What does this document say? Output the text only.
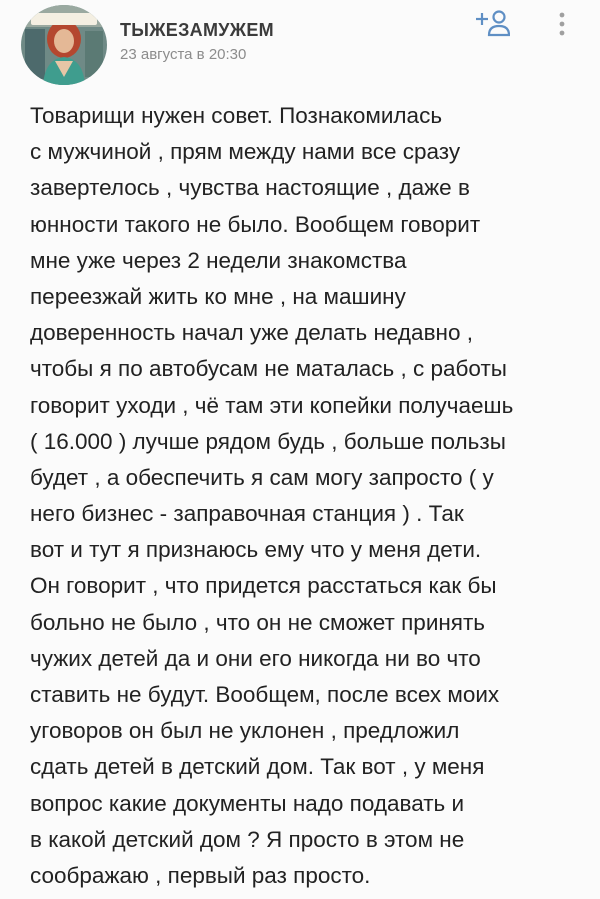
ТЫЖЕЗАМУЖЕМ
23 августа в 20:30
Товарищи нужен совет. Познакомилась
с мужчиной , прям между нами все сразу
завертелось , чувства настоящие , даже в
юнности такого не было. Вообщем говорит
мне уже через 2 недели знакомства
переезжай жить ко мне , на машину
доверенность начал уже делать недавно ,
чтобы я по автобусам не маталась , с работы
говорит уходи , чё там эти копейки получаешь
( 16.000 ) лучше рядом будь , больше пользы
будет , а обеспечить я сам могу запросто ( у
него бизнес - заправочная станция ) . Так
вот и тут я признаюсь ему что у меня дети.
Он говорит , что придется расстаться как бы
больно не было , что он не сможет принять
чужих детей да и они его никогда ни во что
ставить не будут. Вообщем, после всех моих
уговоров он был не уклонен , предложил
сдать детей в детский дом. Так вот , у меня
вопрос какие документы надо подавать и
в какой детский дом ? Я просто в этом не
соображаю , первый раз просто.
